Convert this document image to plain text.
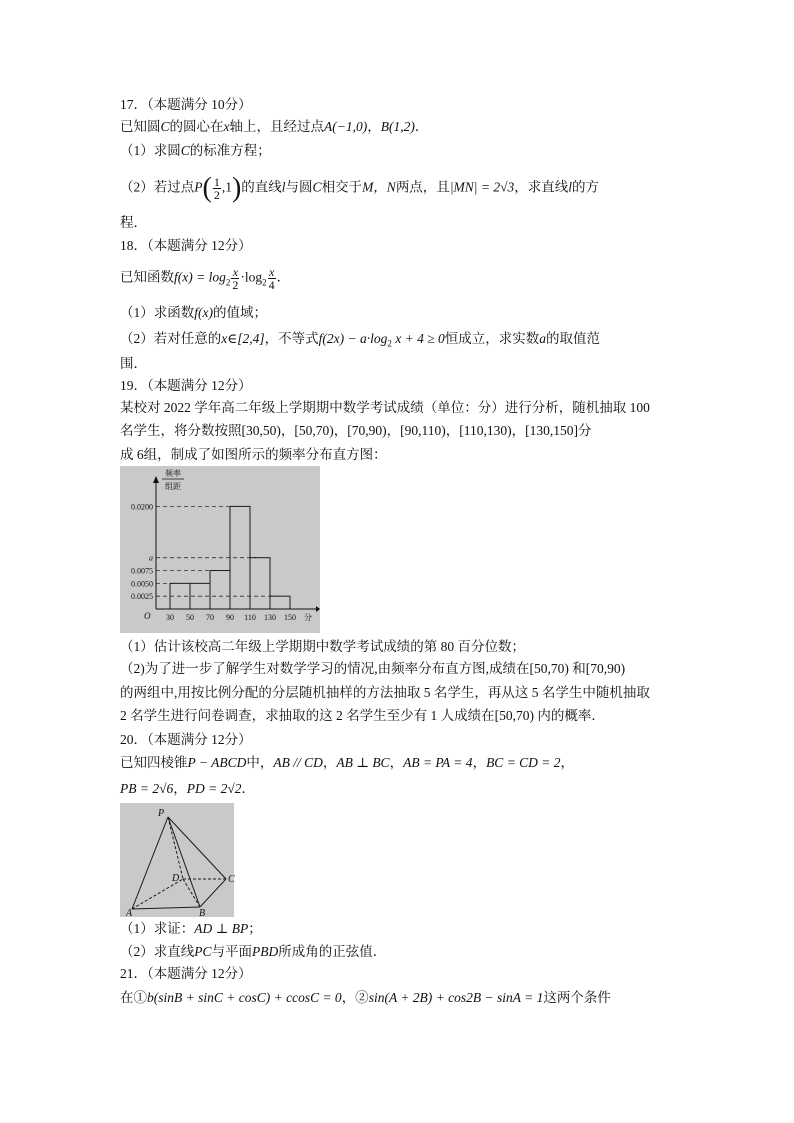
17．（本题满分 10分）
已知圆C的圆心在x轴上，且经过点A(−1,0)，B(1,2)．
（1）求圆C的标准方程；
（2）若过点$P( \frac{1}{2} ,1)$的直线l与圆C相交于M，N两点，且|MN| = 2√3，求直线l的方
程．
18．（本题满分 12分）
已知函数$f(x) = \log_2 \frac{x}{2} \cdot\log_2 \frac{x}{4}$ ．
（1）求函数f(x)的值域；
（2）若对任意的x∈[2,4]，不等式$f(2x) - a\cdot\log_2$ x + 4 ≥ 0恒成立，求实数a的取值范
围．
19．（本题满分 12分）
某校对 2022 学年高二年级上学期期中数学考试成绩（单位：分）进行分析，随机抽取 100
名学生，将分数按照[30,50)，[50,70)，[70,90)，[90,110)，[110,130)，[130,150]分
成 6组，制成了如图所示的频率分布直方图：
0.0200
a
0.0075
0.0050
0.0025
30 50 70 90 110 130 150 分
O
频率
组距
（1）估计该校高二年级上学期期中数学考试成绩的第 80 百分位数；
（2)为了进一步了解学生对数学学习的情况,由频率分布直方图,成绩在[50,70) 和[70,90)
的两组中,用按比例分配的分层随机抽样的方法抽取 5 名学生，再从这 5 名学生中随机抽取
2 名学生进行问卷调查，求抽取的这 2 名学生至少有 1 人成绩在[50,70) 内的概率．
20．（本题满分 12分）
已知四棱锥P − ABCD中，AB // CD，AB ⊥ BC，AB = PA = 4，BC = CD = 2，
PB = 2√6，PD = 2√2．
P
D	C
A	B
（1）求证：AD ⊥ BP；
（2）求直线PC与平面PBD所成角的正弦值．
21．（本题满分 12分）
在①b(sinB + sinC + cosC) + ccosC = 0，②sin(A + 2B) + cos2B − sinA = 1这两个条件
